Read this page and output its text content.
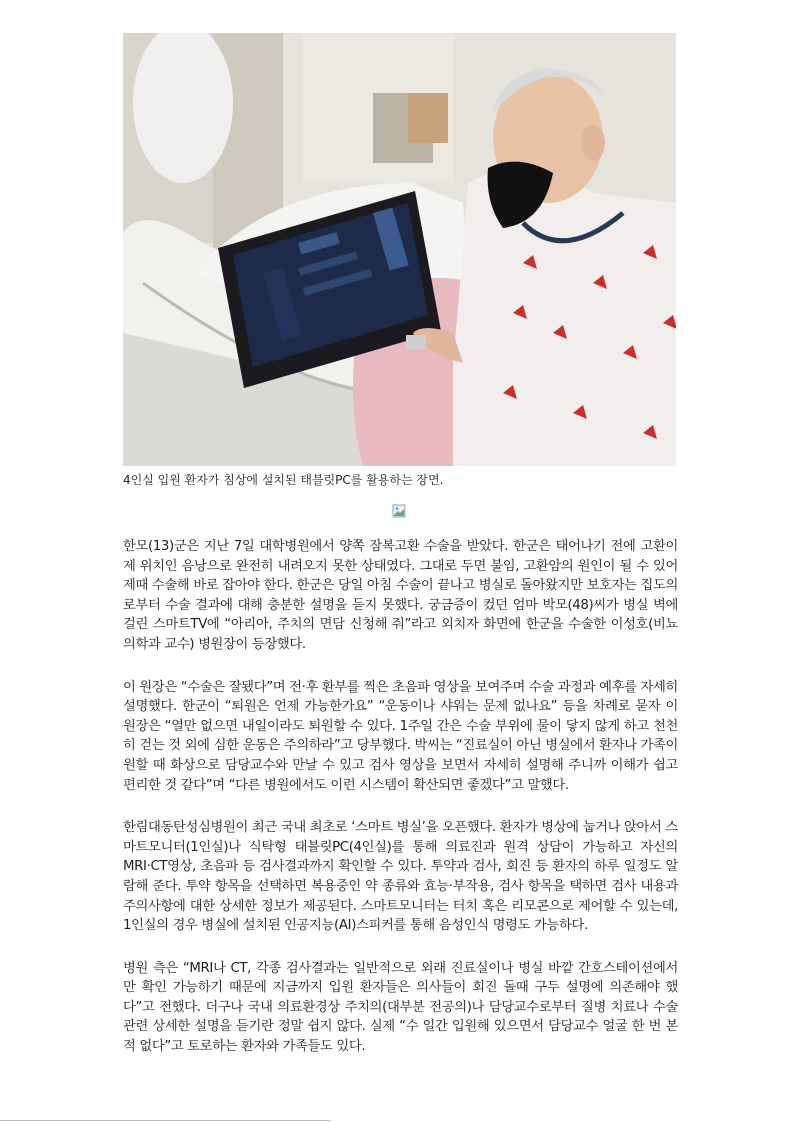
4인실 입원 환자가 침상에 설치된 태블릿PC를 활용하는 장면.

한모(13)군은 지난 7일 대학병원에서 양쪽 잠복고환 수술을 받았다. 한군은 태어나기 전에 고환이 제 위치인 음낭으로 완전히 내려오지 못한 상태였다. 그대로 두면 불임, 고환암의 원인이 될 수 있어 제때 수술해 바로 잡아야 한다. 한군은 당일 아침 수술이 끝나고 병실로 돌아왔지만 보호자는 집도의로부터 수술 결과에 대해 충분한 설명을 듣지 못했다. 궁금증이 컸던 엄마 박모(48)씨가 병실 벽에 걸린 스마트TV에 “아리아, 주치의 면담 신청해 줘”라고 외치자 화면에 한군을 수술한 이성호(비뇨의학과 교수) 병원장이 등장했다.

이 원장은 “수술은 잘됐다”며 전·후 환부를 찍은 초음파 영상을 보여주며 수술 과정과 예후를 자세히 설명했다. 한군이 “퇴원은 언제 가능한가요” “운동이나 샤워는 문제 없나요” 등을 차례로 묻자 이 원장은 “열만 없으면 내일이라도 퇴원할 수 있다. 1주일 간은 수술 부위에 물이 닿지 않게 하고 천천히 걷는 것 외에 심한 운동은 주의하라”고 당부했다. 박씨는 “진료실이 아닌 병실에서 환자나 가족이 원할 때 화상으로 담당교수와 만날 수 있고 검사 영상을 보면서 자세히 설명해 주니까 이해가 쉽고 편리한 것 같다”며 “다른 병원에서도 이런 시스템이 확산되면 좋겠다”고 말했다.

한림대동탄성심병원이 최근 국내 최초로 ‘스마트 병실’을 오픈했다. 환자가 병상에 눕거나 앉아서 스마트모니터(1인실)나 식탁형 태블릿PC(4인실)를 통해 의료진과 원격 상담이 가능하고 자신의 MRI·CT영상, 초음파 등 검사결과까지 확인할 수 있다. 투약과 검사, 회진 등 환자의 하루 일정도 알람해 준다. 투약 항목을 선택하면 복용중인 약 종류와 효능·부작용, 검사 항목을 택하면 검사 내용과 주의사항에 대한 상세한 정보가 제공된다. 스마트모니터는 터치 혹은 리모콘으로 제어할 수 있는데, 1인실의 경우 병실에 설치된 인공지능(AI)스피커를 통해 음성인식 명령도 가능하다.

병원 측은 “MRI나 CT, 각종 검사결과는 일반적으로 외래 진료실이나 병실 바깥 간호스테이션에서만 확인 가능하기 때문에 지금까지 입원 환자들은 의사들이 회진 돌때 구두 설명에 의존해야 했다”고 전했다. 더구나 국내 의료환경상 주치의(대부분 전공의)나 담당교수로부터 질병 치료나 수술 관련 상세한 설명을 듣기란 정말 쉽지 않다. 실제 “수 일간 입원해 있으면서 담당교수 얼굴 한 번 본적 없다”고 토로하는 환자와 가족들도 있다.
